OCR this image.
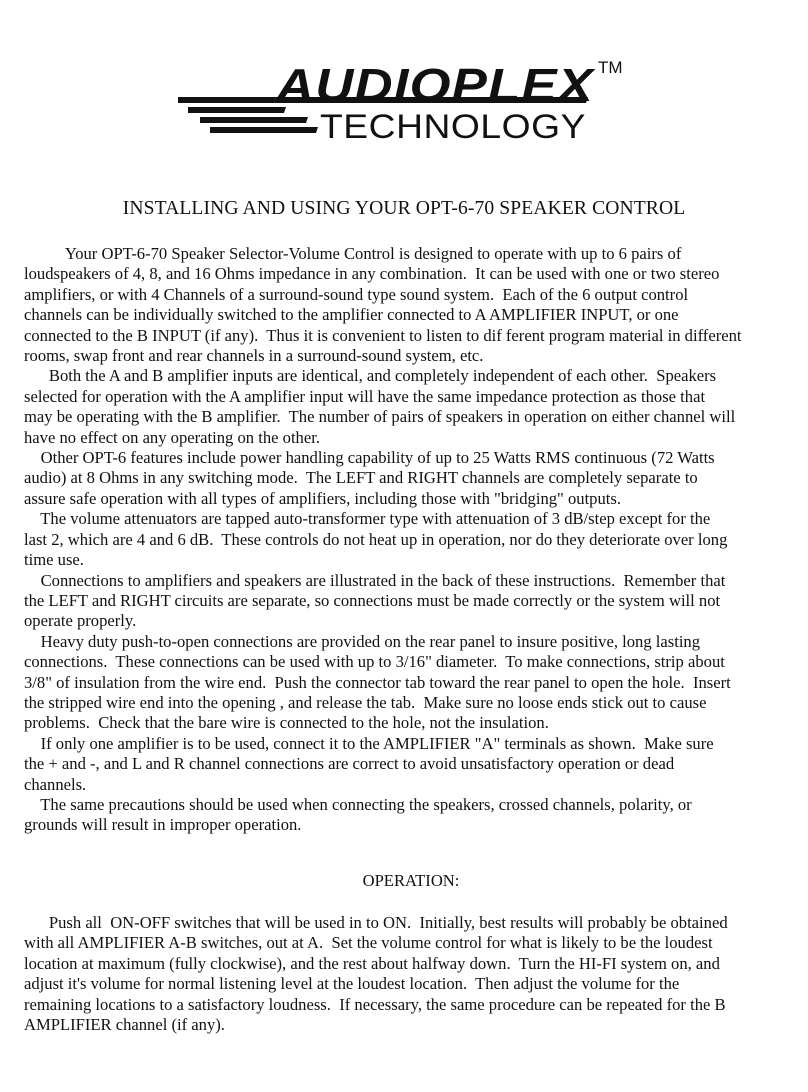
AUDIOPLEX
TECHNOLOGY
TM
INSTALLING AND USING YOUR OPT-6-70 SPEAKER CONTROL
Your OPT-6-70 Speaker Selector-Volume Control is designed to operate with up to 6 pairs of
loudspeakers of 4, 8, and 16 Ohms impedance in any combination.  It can be used with one or two stereo
amplifiers, or with 4 Channels of a surround-sound type sound system.  Each of the 6 output control
channels can be individually switched to the amplifier connected to A AMPLIFIER INPUT, or one
connected to the B INPUT (if any).  Thus it is convenient to listen to dif ferent program material in different
rooms, swap front and rear channels in a surround-sound system, etc.
Both the A and B amplifier inputs are identical, and completely independent of each other.  Speakers
selected for operation with the A amplifier input will have the same impedance protection as those that
may be operating with the B amplifier.  The number of pairs of speakers in operation on either channel will
have no effect on any operating on the other.
Other OPT-6 features include power handling capability of up to 25 Watts RMS continuous (72 Watts
audio) at 8 Ohms in any switching mode.  The LEFT and RIGHT channels are completely separate to
assure safe operation with all types of amplifiers, including those with "bridging" outputs.
The volume attenuators are tapped auto-transformer type with attenuation of 3 dB/step except for the
last 2, which are 4 and 6 dB.  These controls do not heat up in operation, nor do they deteriorate over long
time use.
Connections to amplifiers and speakers are illustrated in the back of these instructions.  Remember that
the LEFT and RIGHT circuits are separate, so connections must be made correctly or the system will not
operate properly.
Heavy duty push-to-open connections are provided on the rear panel to insure positive, long lasting
connections.  These connections can be used with up to 3/16" diameter.  To make connections, strip about
3/8" of insulation from the wire end.  Push the connector tab toward the rear panel to open the hole.  Insert
the stripped wire end into the opening , and release the tab.  Make sure no loose ends stick out to cause
problems.  Check that the bare wire is connected to the hole, not the insulation.
If only one amplifier is to be used, connect it to the AMPLIFIER "A" terminals as shown.  Make sure
the + and -, and L and R channel connections are correct to avoid unsatisfactory operation or dead
channels.
The same precautions should be used when connecting the speakers, crossed channels, polarity, or
grounds will result in improper operation.
OPERATION:
Push all  ON-OFF switches that will be used in to ON.  Initially, best results will probably be obtained
with all AMPLIFIER A-B switches, out at A.  Set the volume control for what is likely to be the loudest
location at maximum (fully clockwise), and the rest about halfway down.  Turn the HI-FI system on, and
adjust it's volume for normal listening level at the loudest location.  Then adjust the volume for the
remaining locations to a satisfactory loudness.  If necessary, the same procedure can be repeated for the B
AMPLIFIER channel (if any).
